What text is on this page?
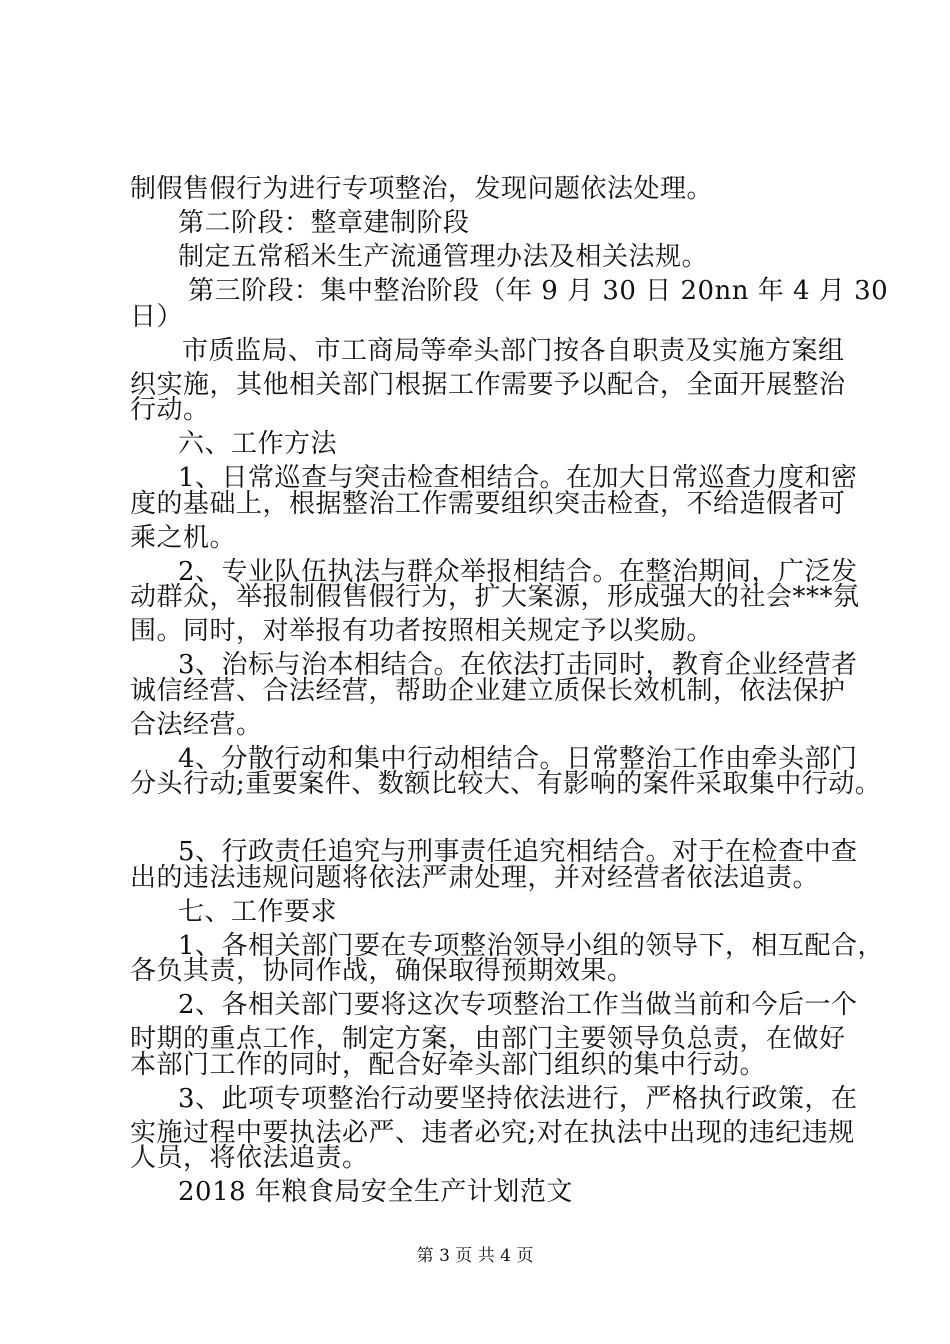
制假售假行为进行专项整治，发现问题依法处理。
第二阶段：整章建制阶段
制定五常稻米生产流通管理办法及相关法规。
第三阶段：集中整治阶段（年 9 月 30 日 20nn 年 4 月 30
日）
市质监局、市工商局等牵头部门按各自职责及实施方案组
织实施，其他相关部门根据工作需要予以配合，全面开展整治
行动。
六、工作方法
1、日常巡查与突击检查相结合。在加大日常巡查力度和密
度的基础上，根据整治工作需要组织突击检查，不给造假者可
乘之机。
2、专业队伍执法与群众举报相结合。在整治期间，广泛发
动群众，举报制假售假行为，扩大案源，形成强大的社会***氛
围。同时，对举报有功者按照相关规定予以奖励。
3、治标与治本相结合。在依法打击同时，教育企业经营者
诚信经营、合法经营，帮助企业建立质保长效机制，依法保护
合法经营。
4、分散行动和集中行动相结合。日常整治工作由牵头部门
分头行动;重要案件、数额比较大、有影响的案件采取集中行动。
5、行政责任追究与刑事责任追究相结合。对于在检查中查
出的违法违规问题将依法严肃处理，并对经营者依法追责。
七、工作要求
1、各相关部门要在专项整治领导小组的领导下，相互配合，
各负其责，协同作战，确保取得预期效果。
2、各相关部门要将这次专项整治工作当做当前和今后一个
时期的重点工作，制定方案，由部门主要领导负总责，在做好
本部门工作的同时，配合好牵头部门组织的集中行动。
3、此项专项整治行动要坚持依法进行，严格执行政策，在
实施过程中要执法必严、违者必究;对在执法中出现的违纪违规
人员，将依法追责。
2018 年粮食局安全生产计划范文
第 3 页 共 4 页
